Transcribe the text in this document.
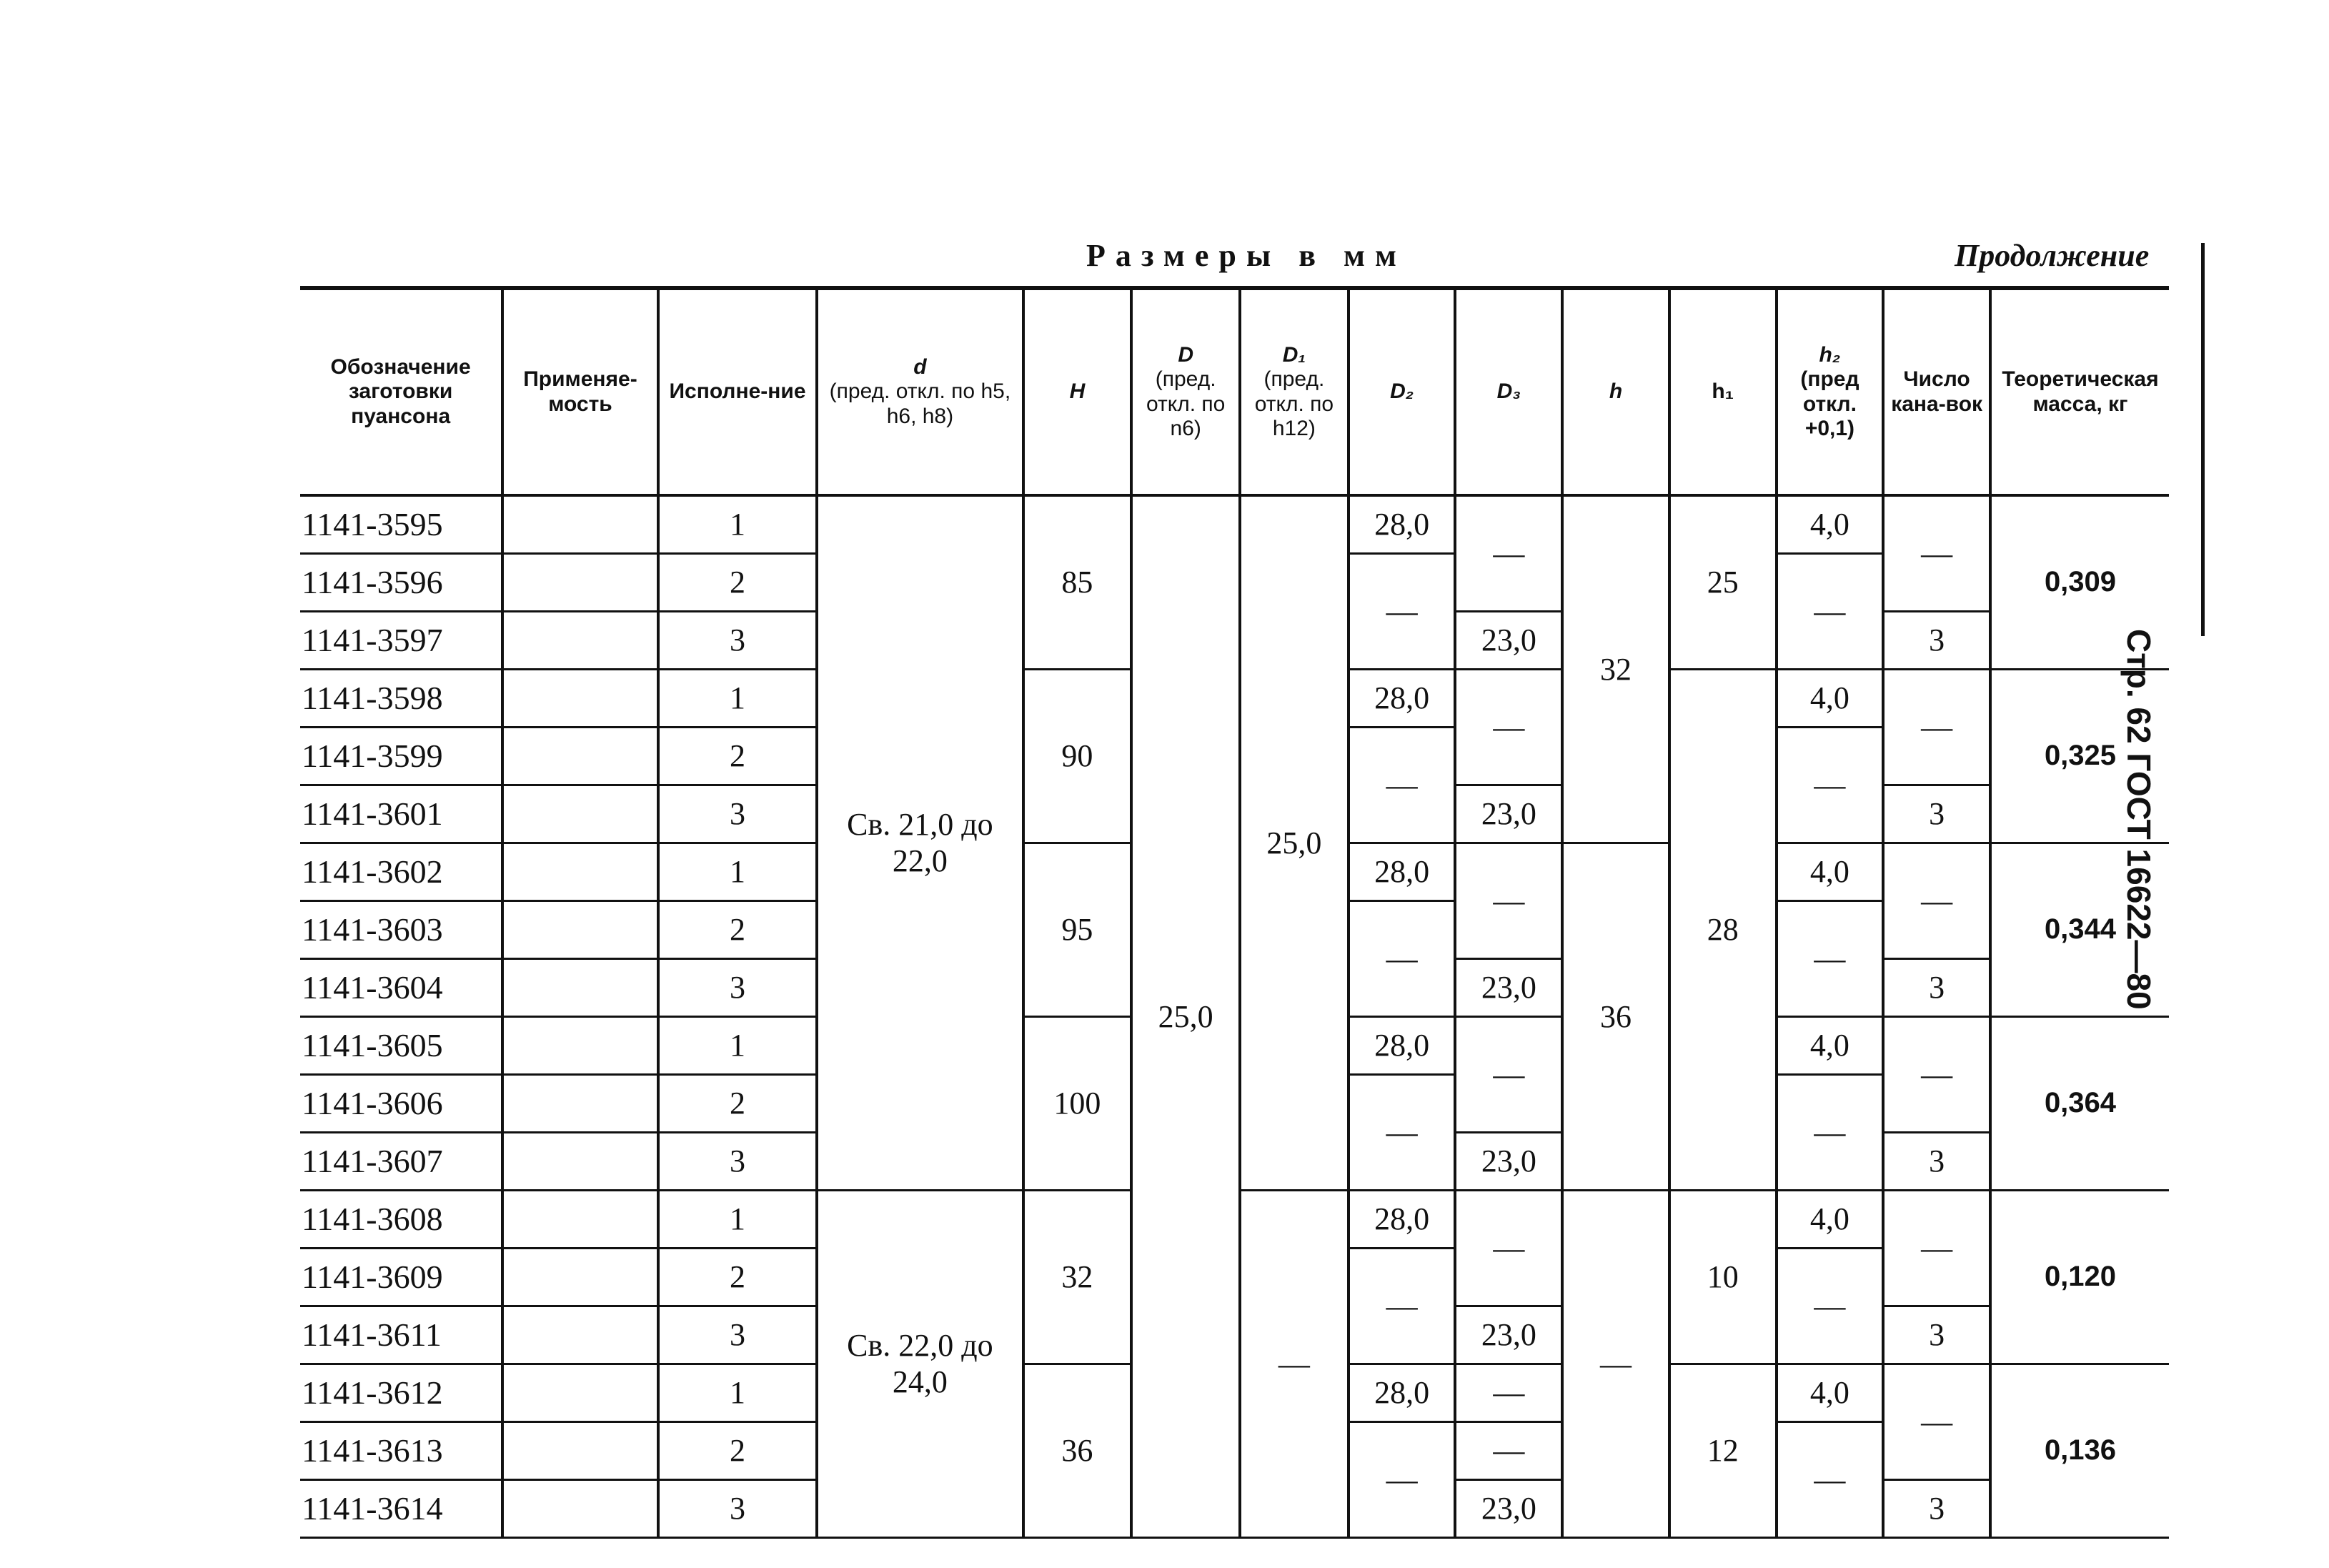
Размеры в мм	Продолжение
Стр. 62 ГОСТ 16622—80
Обозначение заготовки пуансона	Применяе-мость	Исполне-ние	d
(пред. откл. по h5, h6, h8)	H	D
(пред. откл. по n6)	D₁
(пред. откл. по h12)	D₂	D₃	h	h₁	h₂
(пред откл. +0,1)	Число кана-вок	Теоретическая масса, кг
1141-3595		1	Св. 21,0 до 22,0	85	25,0	25,0	28,0	—	32	25	4,0	—	0,309
1141-3596		2					—				—		
1141-3597		3						23,0				3	
1141-3598		1		90			28,0	—		28	4,0	—	0,325
1141-3599		2					—				—		
1141-3601		3						23,0				3	
1141-3602		1		95			28,0	—	36		4,0	—	0,344
1141-3603		2					—				—		
1141-3604		3						23,0				3	
1141-3605		1		100			28,0	—			4,0	—	0,364
1141-3606		2					—				—		
1141-3607		3						23,0				3	
1141-3608		1	Св. 22,0 до 24,0	32		—	28,0	—	—	10	4,0	—	0,120
1141-3609		2					—				—		
1141-3611		3						23,0				3	
1141-3612		1		36			28,0	—		12	4,0	—	0,136
1141-3613		2					—	—			—		
1141-3614		3						23,0				3	
